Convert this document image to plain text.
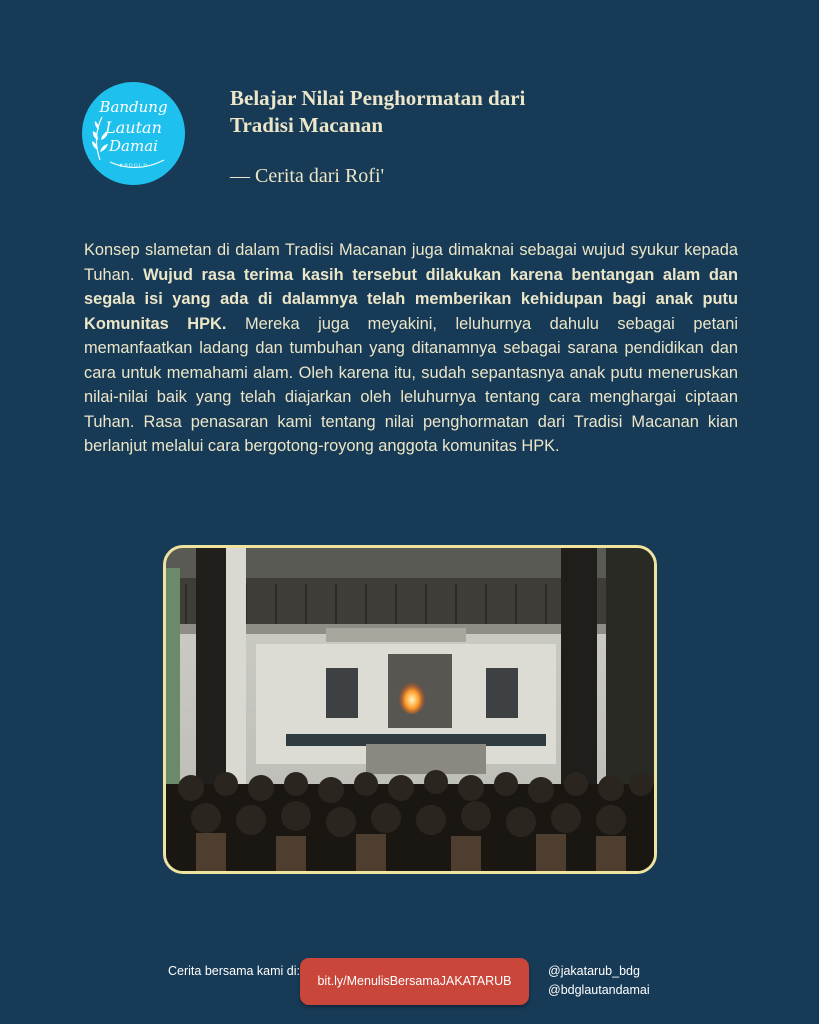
Bandung
Lautan
Damai
#BDGLD
Belajar Nilai Penghormatan dari Tradisi Macanan
— Cerita dari Rofi'
Konsep slametan di dalam Tradisi Macanan juga dimaknai sebagai wujud syukur kepada Tuhan. Wujud rasa terima kasih tersebut dilakukan karena bentangan alam dan segala isi yang ada di dalamnya telah memberikan kehidupan bagi anak putu Komunitas HPK. Mereka juga meyakini, leluhurnya dahulu sebagai petani memanfaatkan ladang dan tumbuhan yang ditanamnya sebagai sarana pendidikan dan cara untuk memahami alam. Oleh karena itu, sudah sepantasnya anak putu meneruskan nilai-nilai baik yang telah diajarkan oleh leluhurnya tentang cara menghargai ciptaan Tuhan. Rasa penasaran kami tentang nilai penghormatan dari Tradisi Macanan kian berlanjut melalui cara bergotong-royong anggota komunitas HPK.
Cerita bersama kami di:
bit.ly/MenulisBersamaJAKATARUB
@jakatarub_bdg
@bdglautandamai
